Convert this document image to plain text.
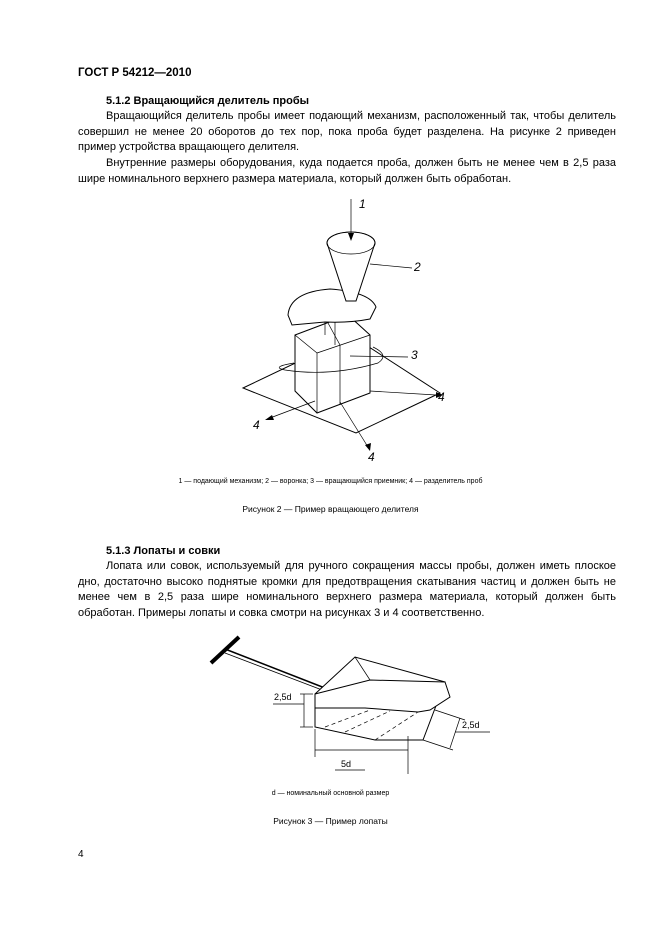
ГОСТ Р 54212—2010
5.1.2 Вращающийся делитель пробы
Вращающийся делитель пробы имеет подающий механизм, расположенный так, чтобы делитель совершил не менее 20 оборотов до тех пор, пока проба будет разделена. На рисунке 2 приведен пример устройства вращающего делителя.
Внутренние размеры оборудования, куда подается проба, должен быть не менее чем в 2,5 раза шире номинального верхнего размера материала, который должен быть обработан.
1
2
3
4
4
4
1 — подающий механизм; 2 — воронка; 3 — вращающийся приемник; 4 — разделитель проб
Рисунок 2 — Пример вращающего делителя
5.1.3 Лопаты и совки
Лопата или совок, используемый для ручного сокращения массы пробы, должен иметь плоское дно, достаточно высоко поднятые кромки для предотвращения скатывания частиц и должен быть не менее чем в 2,5 раза шире номинального верхнего размера материала, который должен быть обработан. Примеры лопаты и совка смотри на рисунках 3 и 4 соответственно.
2,5d
2,5d
5d
d — номинальный основной размер
Рисунок 3 — Пример лопаты
4
